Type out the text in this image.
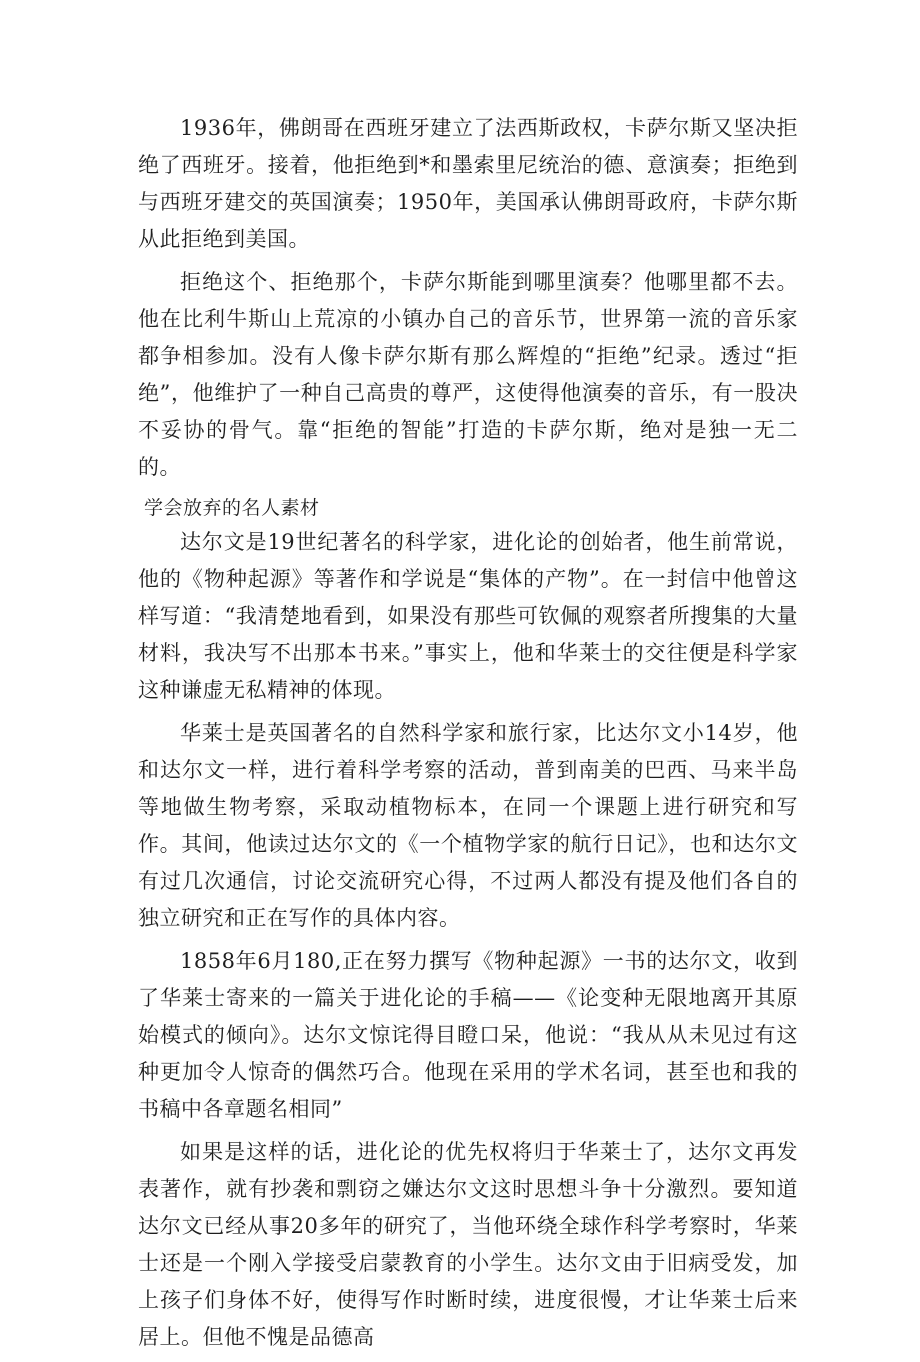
1936年，佛朗哥在西班牙建立了法西斯政权，卡萨尔斯又坚决拒绝了西班牙。接着，他拒绝到*和墨索里尼统治的德、意演奏；拒绝到与西班牙建交的英国演奏；1950年，美国承认佛朗哥政府，卡萨尔斯从此拒绝到美国。

拒绝这个、拒绝那个，卡萨尔斯能到哪里演奏？他哪里都不去。他在比利牛斯山上荒凉的小镇办自己的音乐节，世界第一流的音乐家都争相参加。没有人像卡萨尔斯有那么辉煌的“拒绝”纪录。透过“拒绝”，他维护了一种自己高贵的尊严，这使得他演奏的音乐，有一股决不妥协的骨气。靠“拒绝的智能”打造的卡萨尔斯，绝对是独一无二的。

学会放弃的名人素材

达尔文是19世纪著名的科学家，进化论的创始者，他生前常说，他的《物种起源》等著作和学说是“集体的产物”。在一封信中他曾这样写道：“我清楚地看到，如果没有那些可钦佩的观察者所搜集的大量材料，我决写不出那本书来。”事实上，他和华莱士的交往便是科学家这种谦虚无私精神的体现。

华莱士是英国著名的自然科学家和旅行家，比达尔文小14岁，他和达尔文一样，进行着科学考察的活动，普到南美的巴西、马来半岛等地做生物考察，采取动植物标本，在同一个课题上进行研究和写作。其间，他读过达尔文的《一个植物学家的航行日记》，也和达尔文有过几次通信，讨论交流研究心得，不过两人都没有提及他们各自的独立研究和正在写作的具体内容。

1858年6月180,正在努力撰写《物种起源》一书的达尔文，收到了华莱士寄来的一篇关于进化论的手稿——《论变种无限地离开其原始模式的倾向》。达尔文惊诧得目瞪口呆，他说：“我从从未见过有这种更加令人惊奇的偶然巧合。他现在采用的学术名词，甚至也和我的书稿中各章题名相同”

如果是这样的话，进化论的优先权将归于华莱士了，达尔文再发表著作，就有抄袭和剽窃之嫌达尔文这时思想斗争十分激烈。要知道达尔文已经从事20多年的研究了，当他环绕全球作科学考察时，华莱士还是一个刚入学接受启蒙教育的小学生。达尔文由于旧病受发，加上孩子们身体不好，使得写作时断时续，进度很慢，才让华莱士后来居上。但他不愧是品德高
